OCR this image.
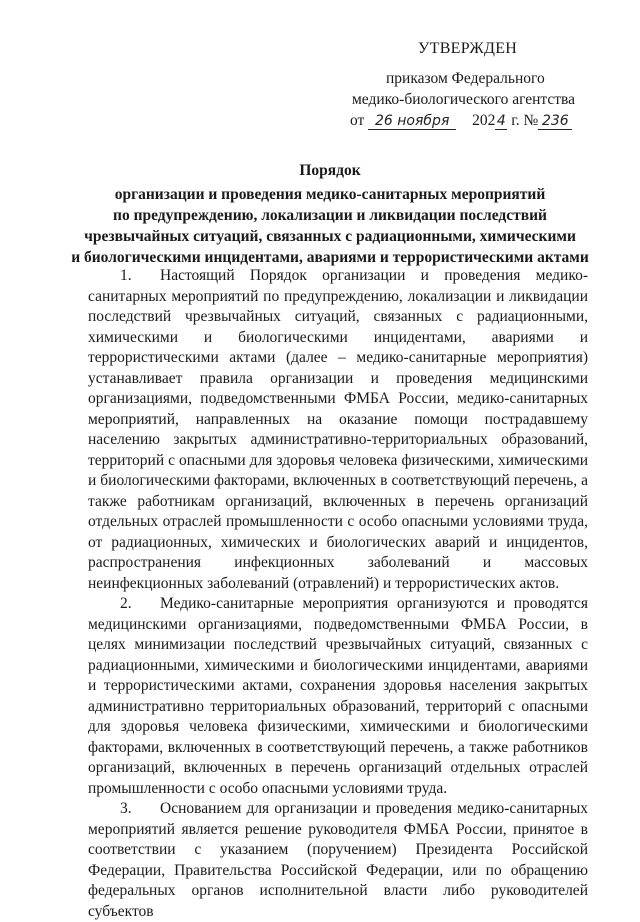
УТВЕРЖДЕН
приказом Федерального
медико-биологического агентства
от 26 ноября 202 4 г. № 236
Порядок
организации и проведения медико-санитарных мероприятий
по предупреждению, локализации и ликвидации последствий
чрезвычайных ситуаций, связанных с радиационными, химическими
и биологическими инцидентами, авариями и террористическими актами

1. Настоящий Порядок организации и проведения медико-санитарных мероприятий по предупреждению, локализации и ликвидации последствий чрезвычайных ситуаций, связанных с радиационными, химическими и биологическими инцидентами, авариями и террористическими актами (далее – медико-санитарные мероприятия) устанавливает правила организации и проведения медицинскими организациями, подведомственными ФМБА России, медико-санитарных мероприятий, направленных на оказание помощи пострадавшему населению закрытых административно-территориальных образований, территорий с опасными для здоровья человека физическими, химическими и биологическими факторами, включенных в соответствующий перечень, а также работникам организаций, включенных в перечень организаций отдельных отраслей промышленности с особо опасными условиями труда, от радиационных, химических и биологических аварий и инцидентов, распространения инфекционных заболеваний и массовых неинфекционных заболеваний (отравлений) и террористических актов.

2. Медико-санитарные мероприятия организуются и проводятся медицинскими организациями, подведомственными ФМБА России, в целях минимизации последствий чрезвычайных ситуаций, связанных с радиационными, химическими и биологическими инцидентами, авариями и террористическими актами, сохранения здоровья населения закрытых административно территориальных образований, территорий с опасными для здоровья человека физическими, химическими и биологическими факторами, включенных в соответствующий перечень, а также работников организаций, включенных в перечень организаций отдельных отраслей промышленности с особо опасными условиями труда.

3. Основанием для организации и проведения медико-санитарных мероприятий является решение руководителя ФМБА России, принятое в соответствии с указанием (поручением) Президента Российской Федерации, Правительства Российской Федерации, или по обращению федеральных органов исполнительной власти либо руководителей субъектов
